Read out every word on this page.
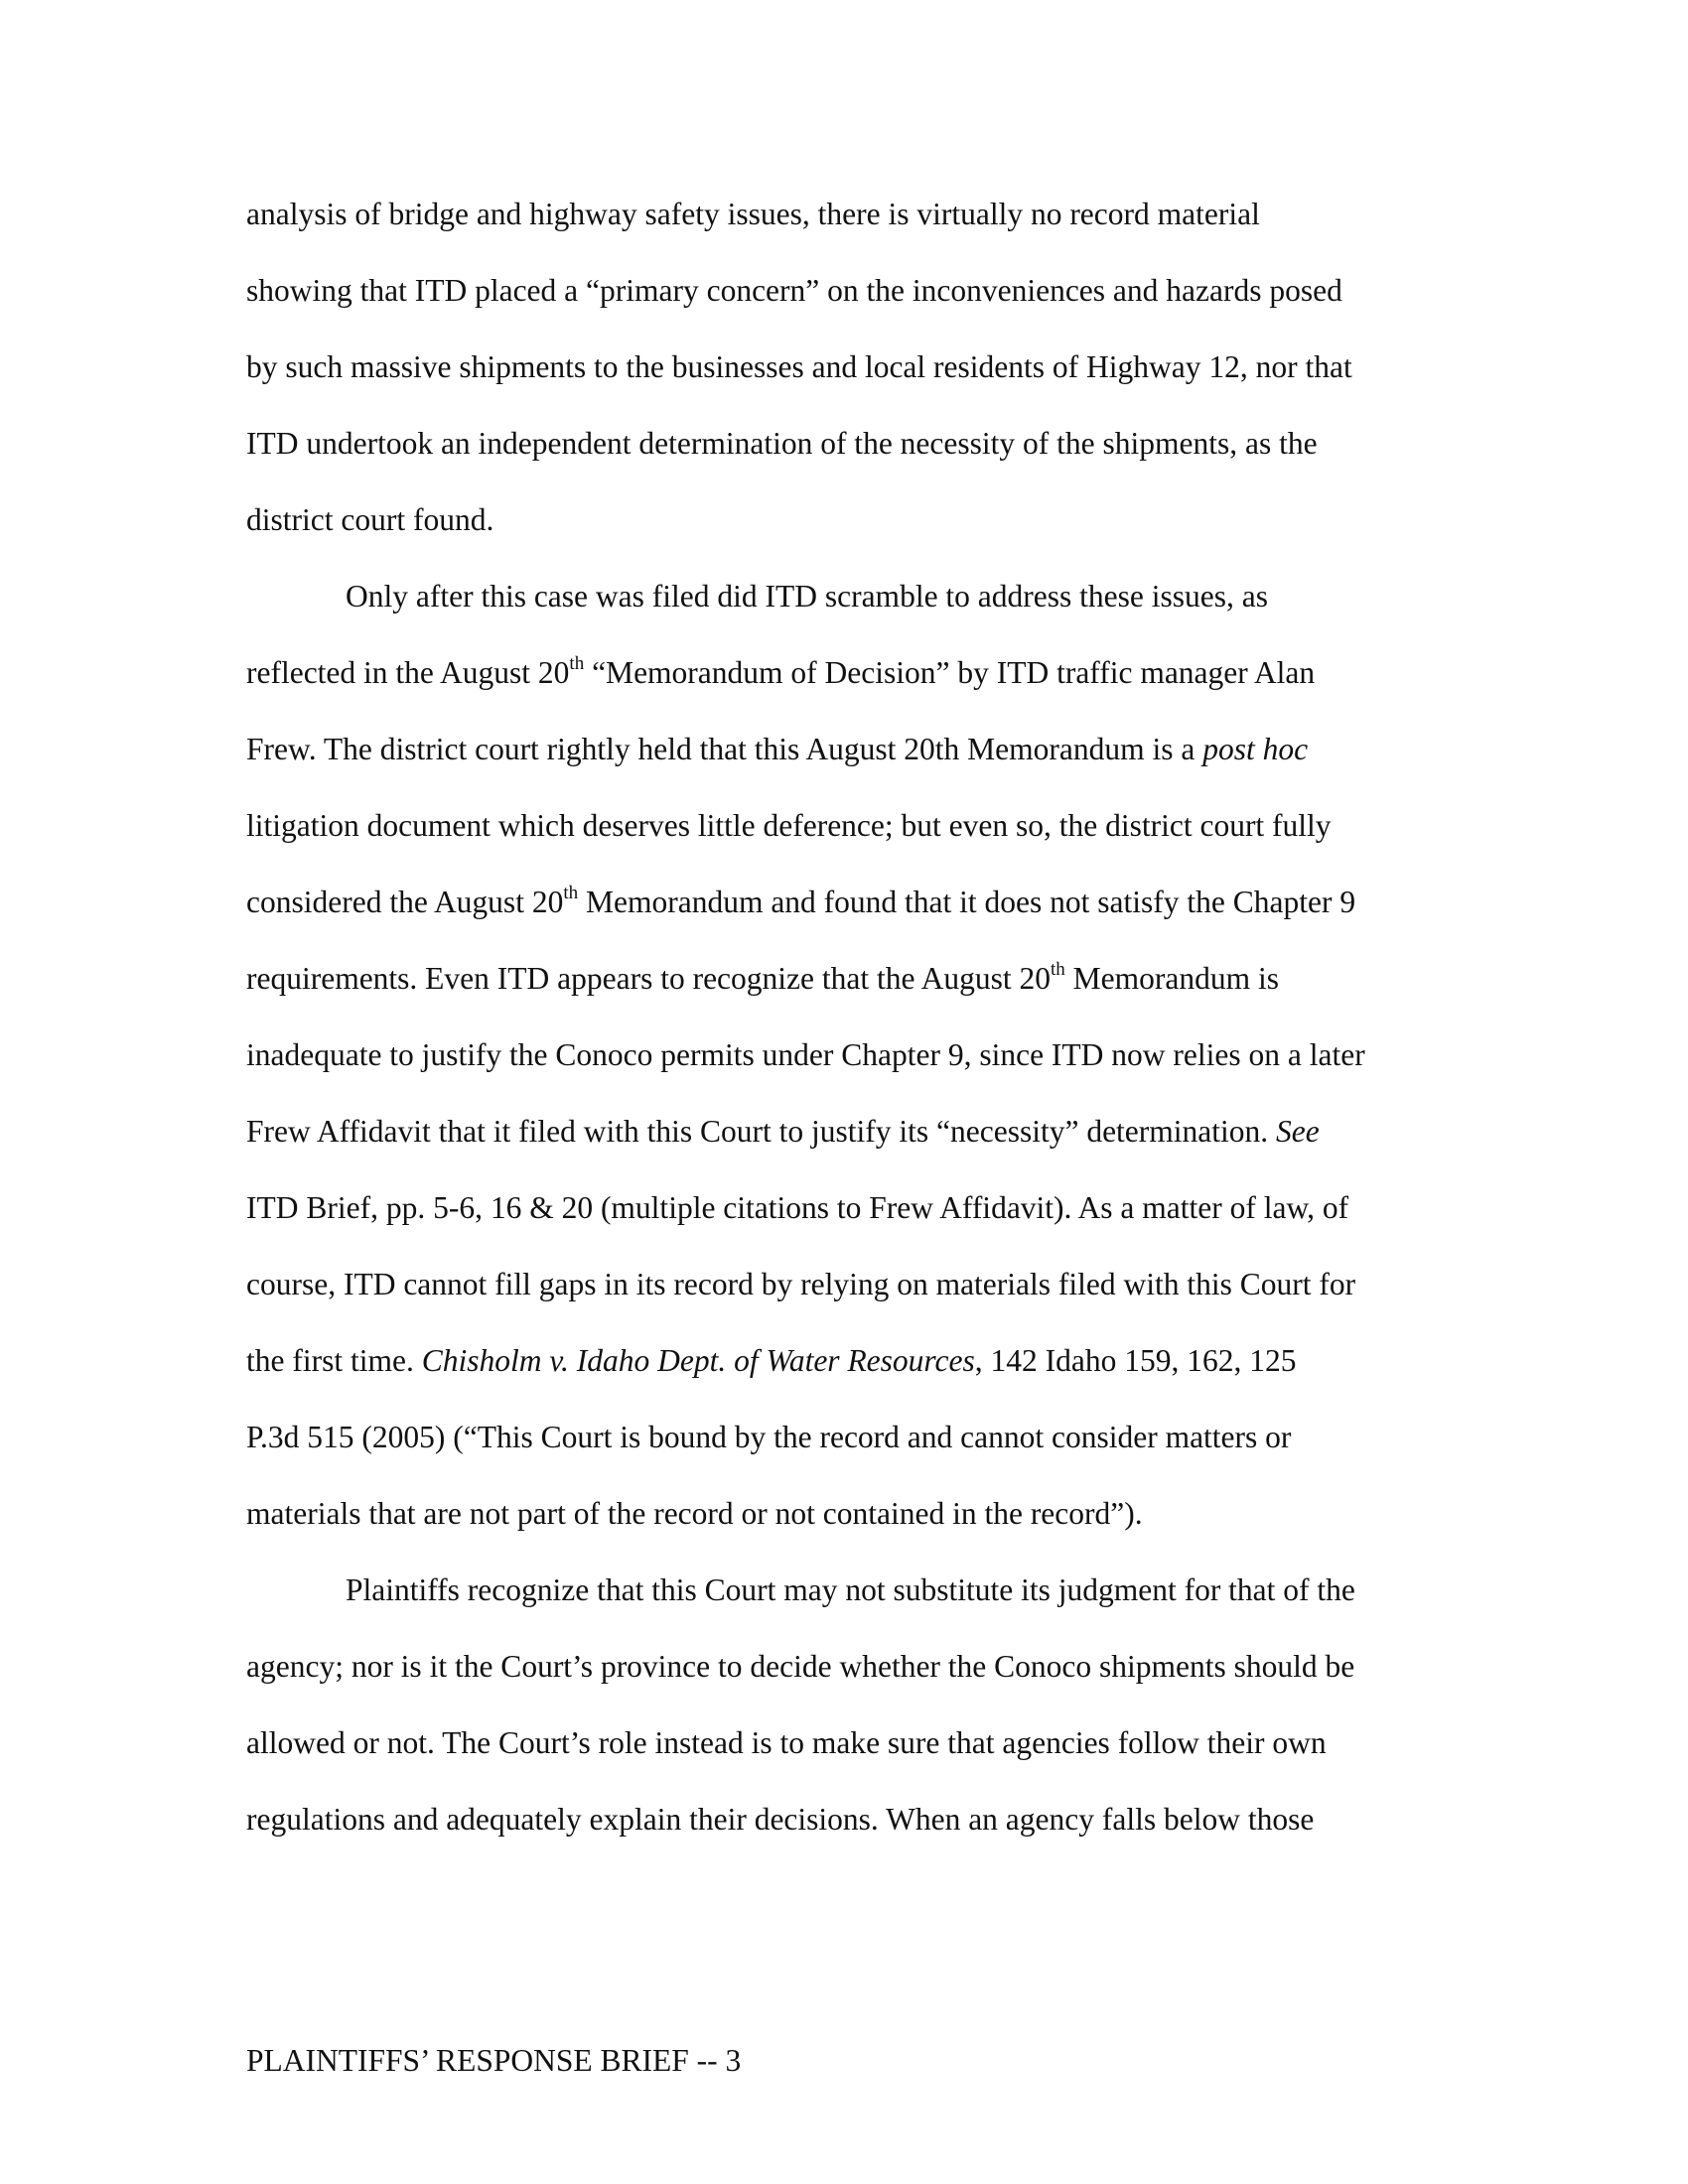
analysis of bridge and highway safety issues, there is virtually no record material
showing that ITD placed a “primary concern” on the inconveniences and hazards posed
by such massive shipments to the businesses and local residents of Highway 12, nor that
ITD undertook an independent determination of the necessity of the shipments, as the
district court found.
Only after this case was filed did ITD scramble to address these issues, as
reflected in the August 20th “Memorandum of Decision” by ITD traffic manager Alan
Frew. The district court rightly held that this August 20th Memorandum is a post hoc
litigation document which deserves little deference; but even so, the district court fully
considered the August 20th Memorandum and found that it does not satisfy the Chapter 9
requirements. Even ITD appears to recognize that the August 20th Memorandum is
inadequate to justify the Conoco permits under Chapter 9, since ITD now relies on a later
Frew Affidavit that it filed with this Court to justify its “necessity” determination. See
ITD Brief, pp. 5-6, 16 & 20 (multiple citations to Frew Affidavit). As a matter of law, of
course, ITD cannot fill gaps in its record by relying on materials filed with this Court for
the first time. Chisholm v. Idaho Dept. of Water Resources, 142 Idaho 159, 162, 125
P.3d 515 (2005) (“This Court is bound by the record and cannot consider matters or
materials that are not part of the record or not contained in the record”).
Plaintiffs recognize that this Court may not substitute its judgment for that of the
agency; nor is it the Court’s province to decide whether the Conoco shipments should be
allowed or not. The Court’s role instead is to make sure that agencies follow their own
regulations and adequately explain their decisions. When an agency falls below those
PLAINTIFFS’ RESPONSE BRIEF -- 3
